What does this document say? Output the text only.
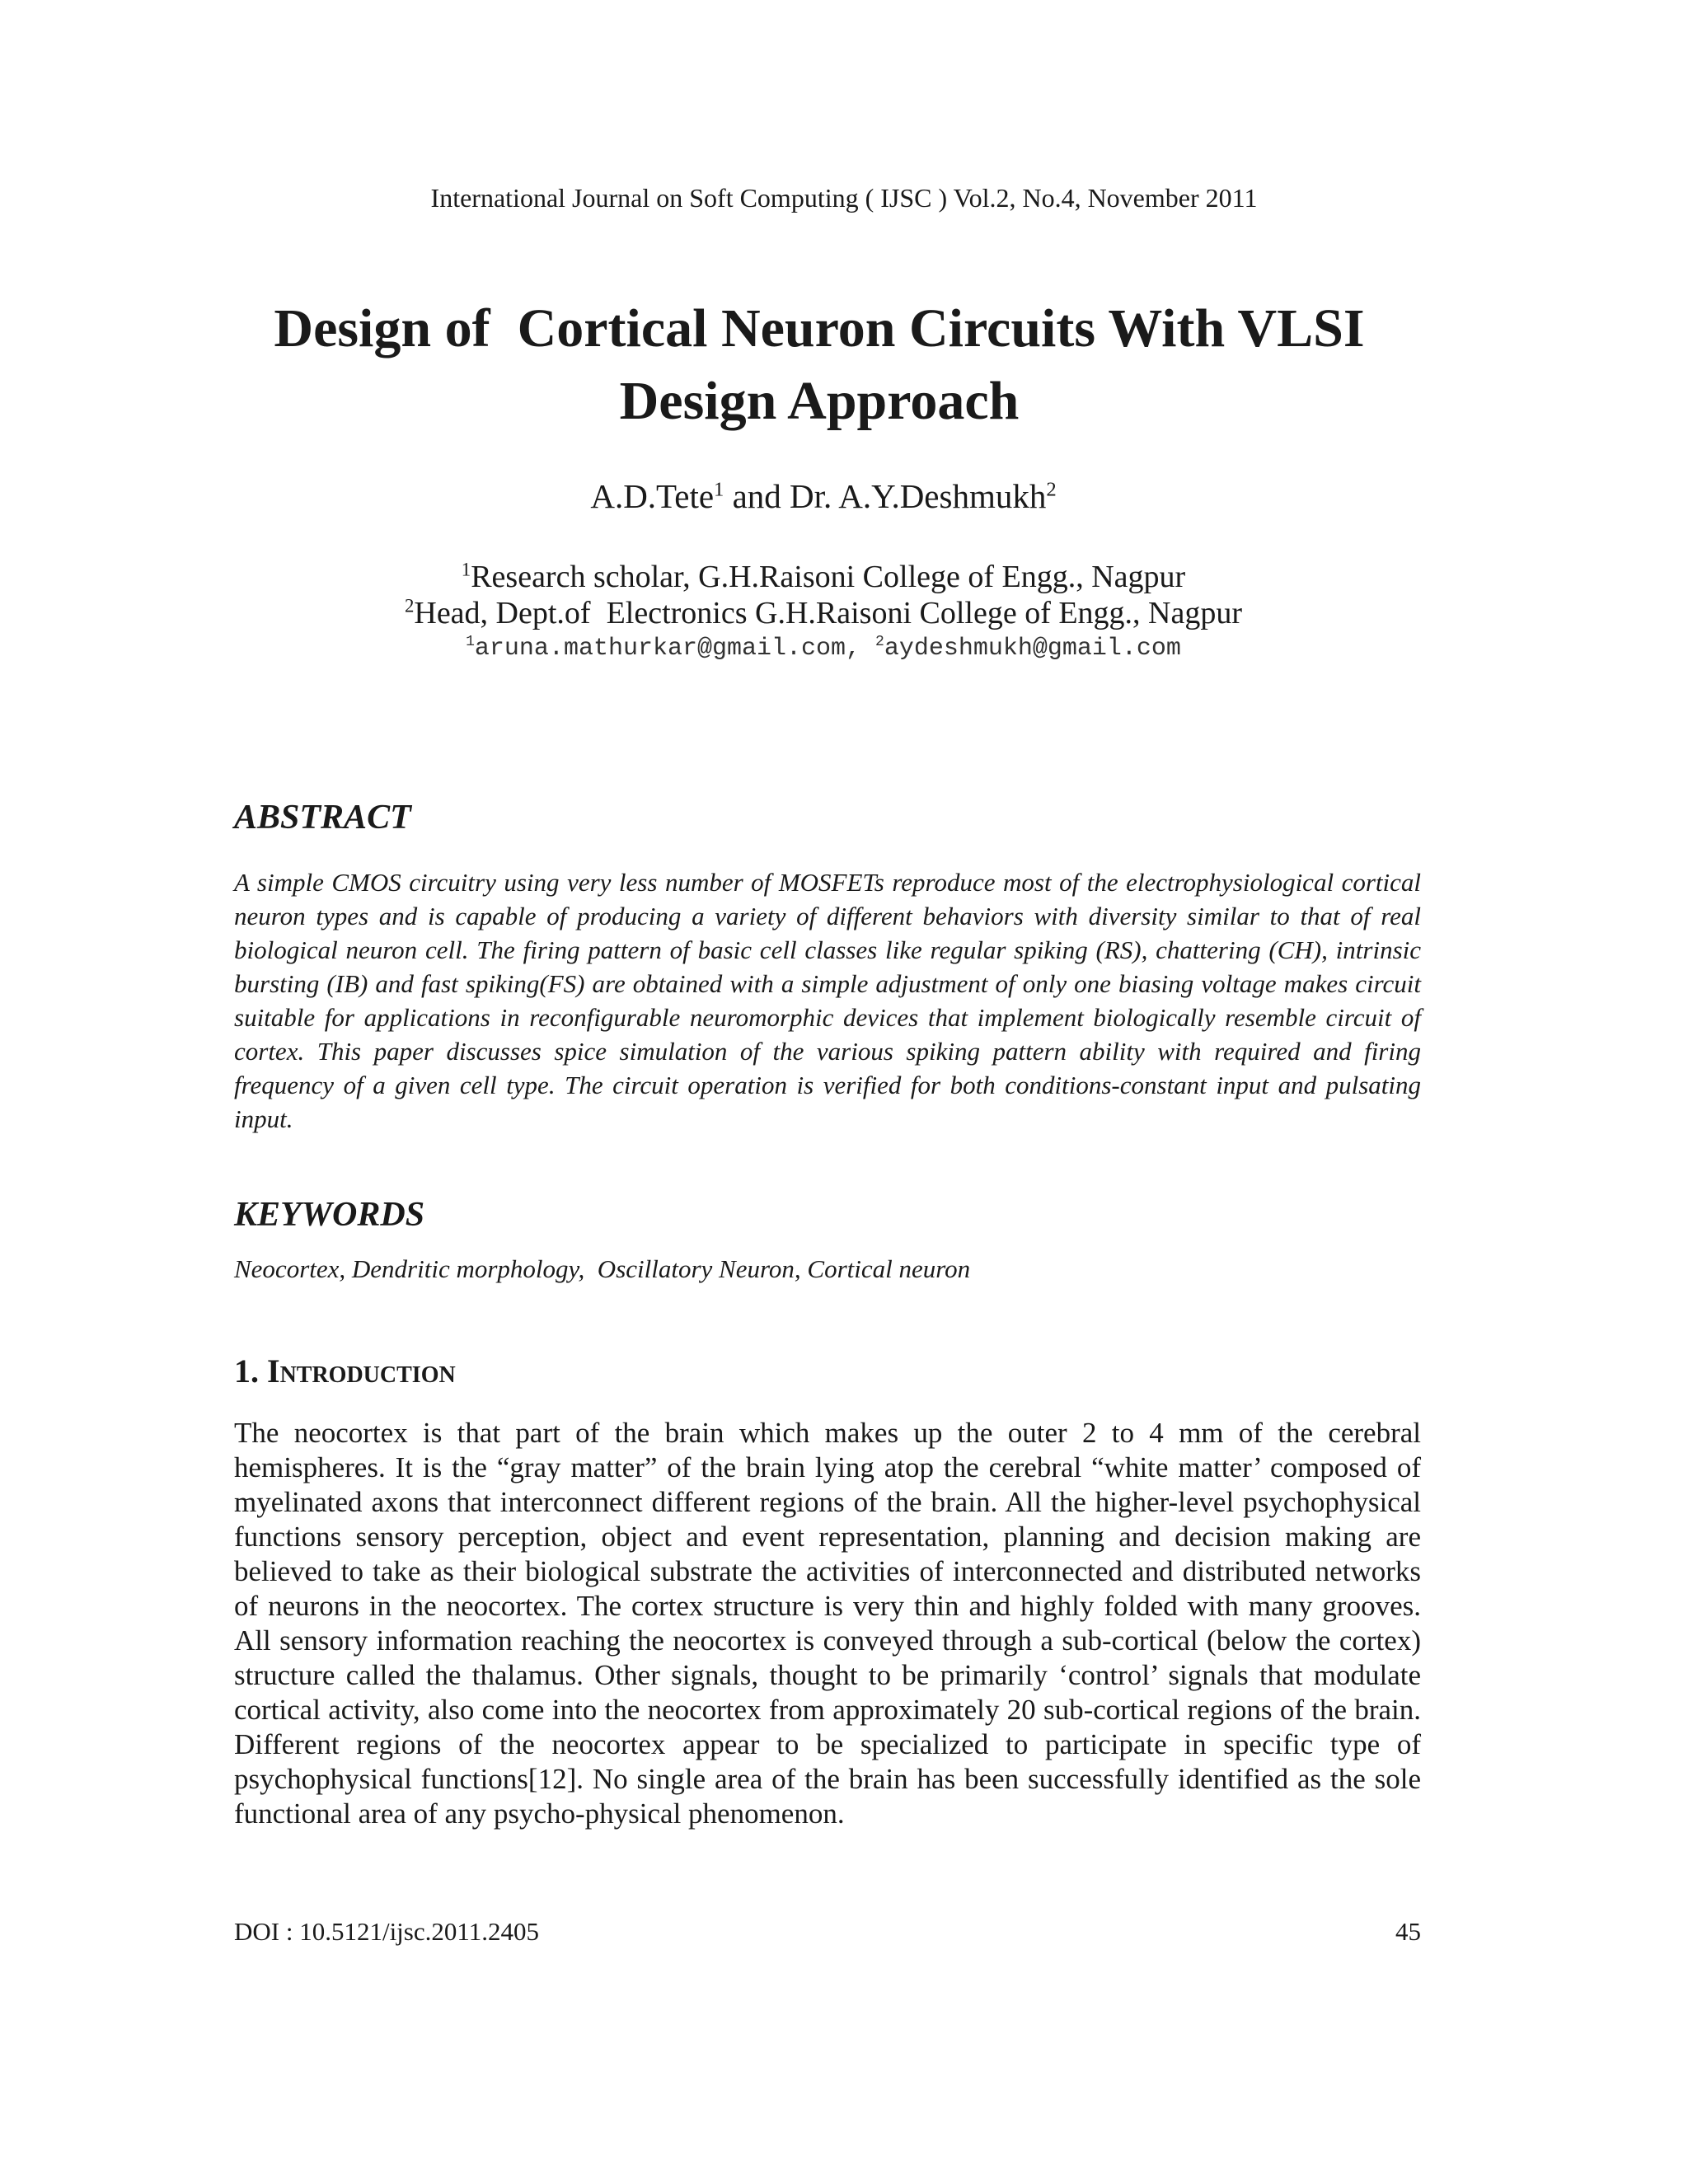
International Journal on Soft Computing ( IJSC ) Vol.2, No.4, November 2011
Design of  Cortical Neuron Circuits With VLSI
Design Approach
A.D.Tete$^1$ and Dr. A.Y.Deshmukh$^2$
$^1$Research scholar, G.H.Raisoni College of Engg., Nagpur
$^2$Head, Dept.of  Electronics G.H.Raisoni College of Engg., Nagpur
$^1$aruna.mathurkar@gmail.com, $^2$aydeshmukh@gmail.com
ABSTRACT
A simple CMOS circuitry using very less number of MOSFETs reproduce most of the electrophysiological cortical neuron types and is capable of producing a variety of different behaviors with diversity similar to that of real biological neuron cell. The firing pattern of basic cell classes like regular spiking (RS), chattering (CH), intrinsic bursting (IB) and fast spiking(FS) are obtained with a simple adjustment of only one biasing voltage makes circuit suitable for applications in reconfigurable neuromorphic devices that implement biologically resemble circuit of cortex. This paper discusses spice simulation of the various spiking pattern ability with required and firing frequency of a given cell type. The circuit operation is verified for both conditions-constant input and pulsating input.
KEYWORDS
Neocortex, Dendritic morphology,  Oscillatory Neuron, Cortical neuron
1. Introduction
The neocortex is that part of the brain which makes up the outer 2 to 4 mm of the cerebral hemispheres. It is the “gray matter” of the brain lying atop the cerebral “white matter’ composed of myelinated axons that interconnect different regions of the brain. All the higher-level psychophysical functions sensory perception, object and event representation, planning and decision making are believed to take as their biological substrate the activities of interconnected and distributed networks of neurons in the neocortex. The cortex structure is very thin and highly folded with many grooves. All sensory information reaching the neocortex is conveyed through a sub-cortical (below the cortex) structure called the thalamus. Other signals, thought to be primarily ‘control’ signals that modulate cortical activity, also come into the neocortex from approximately 20 sub-cortical regions of the brain. Different regions of the neocortex appear to be specialized to participate in specific type of psychophysical functions[12]. No single area of the brain has been successfully identified as the sole functional area of any psycho-physical phenomenon.
DOI : 10.5121/ijsc.2011.2405	45
